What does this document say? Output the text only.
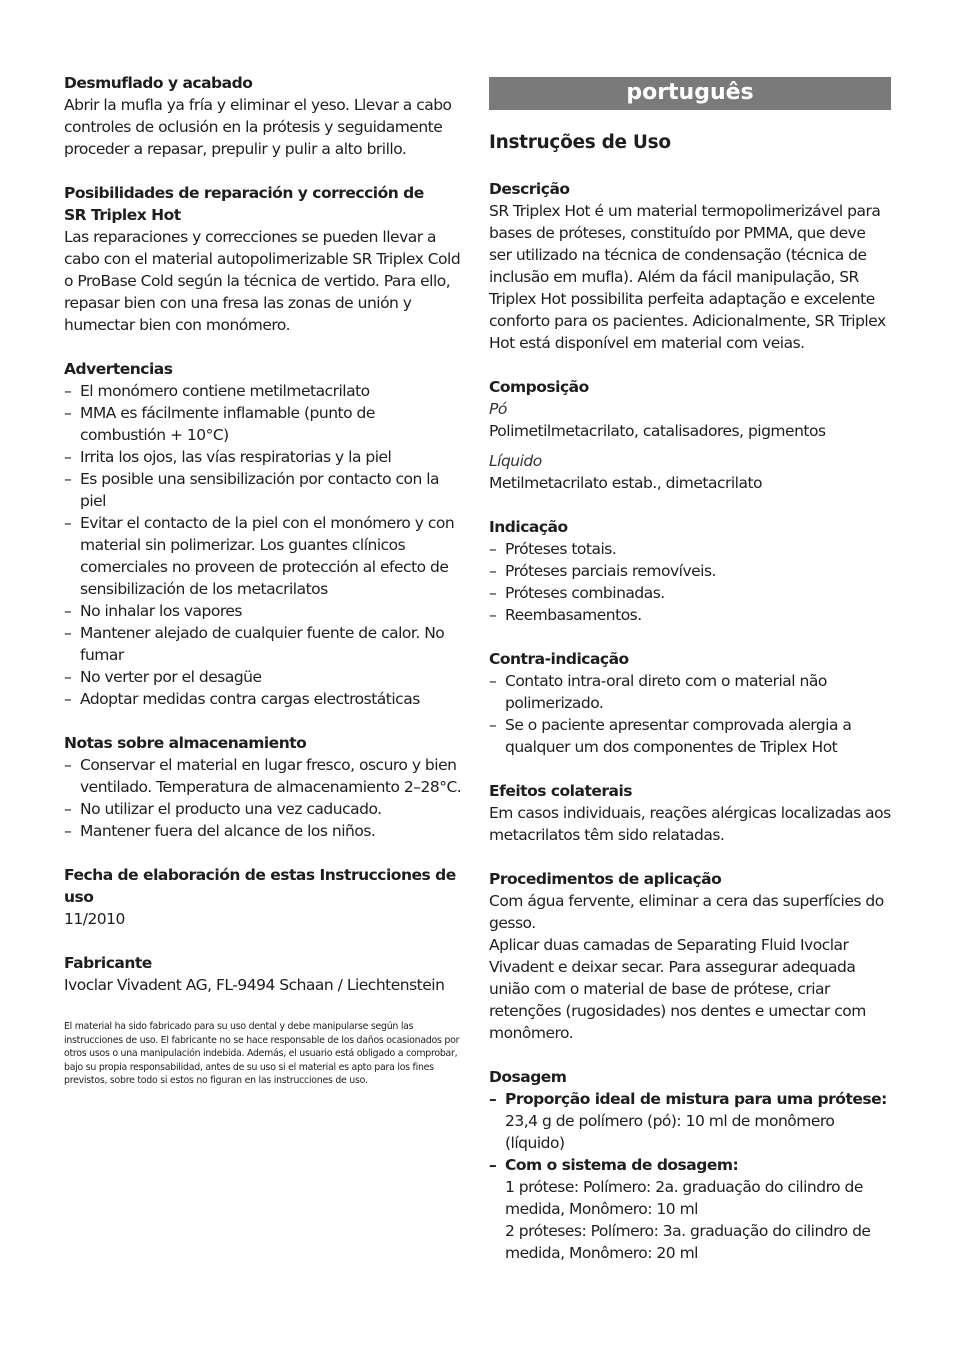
Desmuflado y acabado

Abrir la mufla ya fría y eliminar el yeso. Llevar a cabo controles de oclusión en la prótesis y seguidamente proceder a repasar, prepulir y pulir a alto brillo.

Posibilidades de reparación y corrección de
SR Triplex Hot

Las reparaciones y correcciones se pueden llevar a cabo con el material autopolimerizable SR Triplex Cold o ProBase Cold según la técnica de vertido. Para ello, repasar bien con una fresa las zonas de unión y humectar bien con monómero.

Advertencias
– El monómero contiene metilmetacrilato
– MMA es fácilmente inflamable (punto de combustión + 10°C)
– Irrita los ojos, las vías respiratorias y la piel
– Es posible una sensibilización por contacto con la piel
– Evitar el contacto de la piel con el monómero y con material sin polimerizar. Los guantes clínicos comerciales no proveen de protección al efecto de sensibilización de los metacrilatos
– No inhalar los vapores
– Mantener alejado de cualquier fuente de calor. No fumar
– No verter por el desagüe
– Adoptar medidas contra cargas electrostáticas
Notas sobre almacenamiento
– Conservar el material en lugar fresco, oscuro y bien ventilado. Temperatura de almacenamiento 2–28°C.
– No utilizar el producto una vez caducado.
– Mantener fuera del alcance de los niños.
Fecha de elaboración de estas Instrucciones de uso

11/2010

Fabricante

Ivoclar Vivadent AG, FL-9494 Schaan / Liechtenstein

El material ha sido fabricado para su uso dental y debe manipularse según las instrucciones de uso. El fabricante no se hace responsable de los daños ocasionados por otros usos o una manipulación indebida. Además, el usuario está obligado a comprobar, bajo su propia responsabilidad, antes de su uso si el material es apto para los fines previstos, sobre todo si estos no figuran en las instrucciones de uso.

português
Instruções de Uso
Descrição

SR Triplex Hot é um material termopolimerizável para bases de próteses, constituído por PMMA, que deve ser utilizado na técnica de condensação (técnica de inclusão em mufla). Além da fácil manipulação, SR Triplex Hot possibilita perfeita adaptação e excelente conforto para os pacientes. Adicionalmente, SR Triplex Hot está disponível em material com veias.

Composição

Pó

Polimetilmetacrilato, catalisadores, pigmentos

Líquido

Metilmetacrilato estab., dimetacrilato

Indicação
– Próteses totais.
– Próteses parciais removíveis.
– Próteses combinadas.
– Reembasamentos.
Contra-indicação
– Contato intra-oral direto com o material não polimerizado.
– Se o paciente apresentar comprovada alergia a qualquer um dos componentes de Triplex Hot
Efeitos colaterais

Em casos individuais, reações alérgicas localizadas aos metacrilatos têm sido relatadas.

Procedimentos de aplicação

Com água fervente, eliminar a cera das superfícies do gesso.

Aplicar duas camadas de Separating Fluid Ivoclar Vivadent e deixar secar. Para assegurar adequada união com o material de base de prótese, criar retenções (rugosidades) nos dentes e umectar com monômero.

Dosagem
– Proporção ideal de mistura para uma prótese:
23,4 g de polímero (pó): 10 ml de monômero (líquido)
– Com o sistema de dosagem:
1 prótese: Polímero: 2a. graduação do cilindro de medida, Monômero: 10 ml
2 próteses: Polímero: 3a. graduação do cilindro de medida, Monômero: 20 ml
